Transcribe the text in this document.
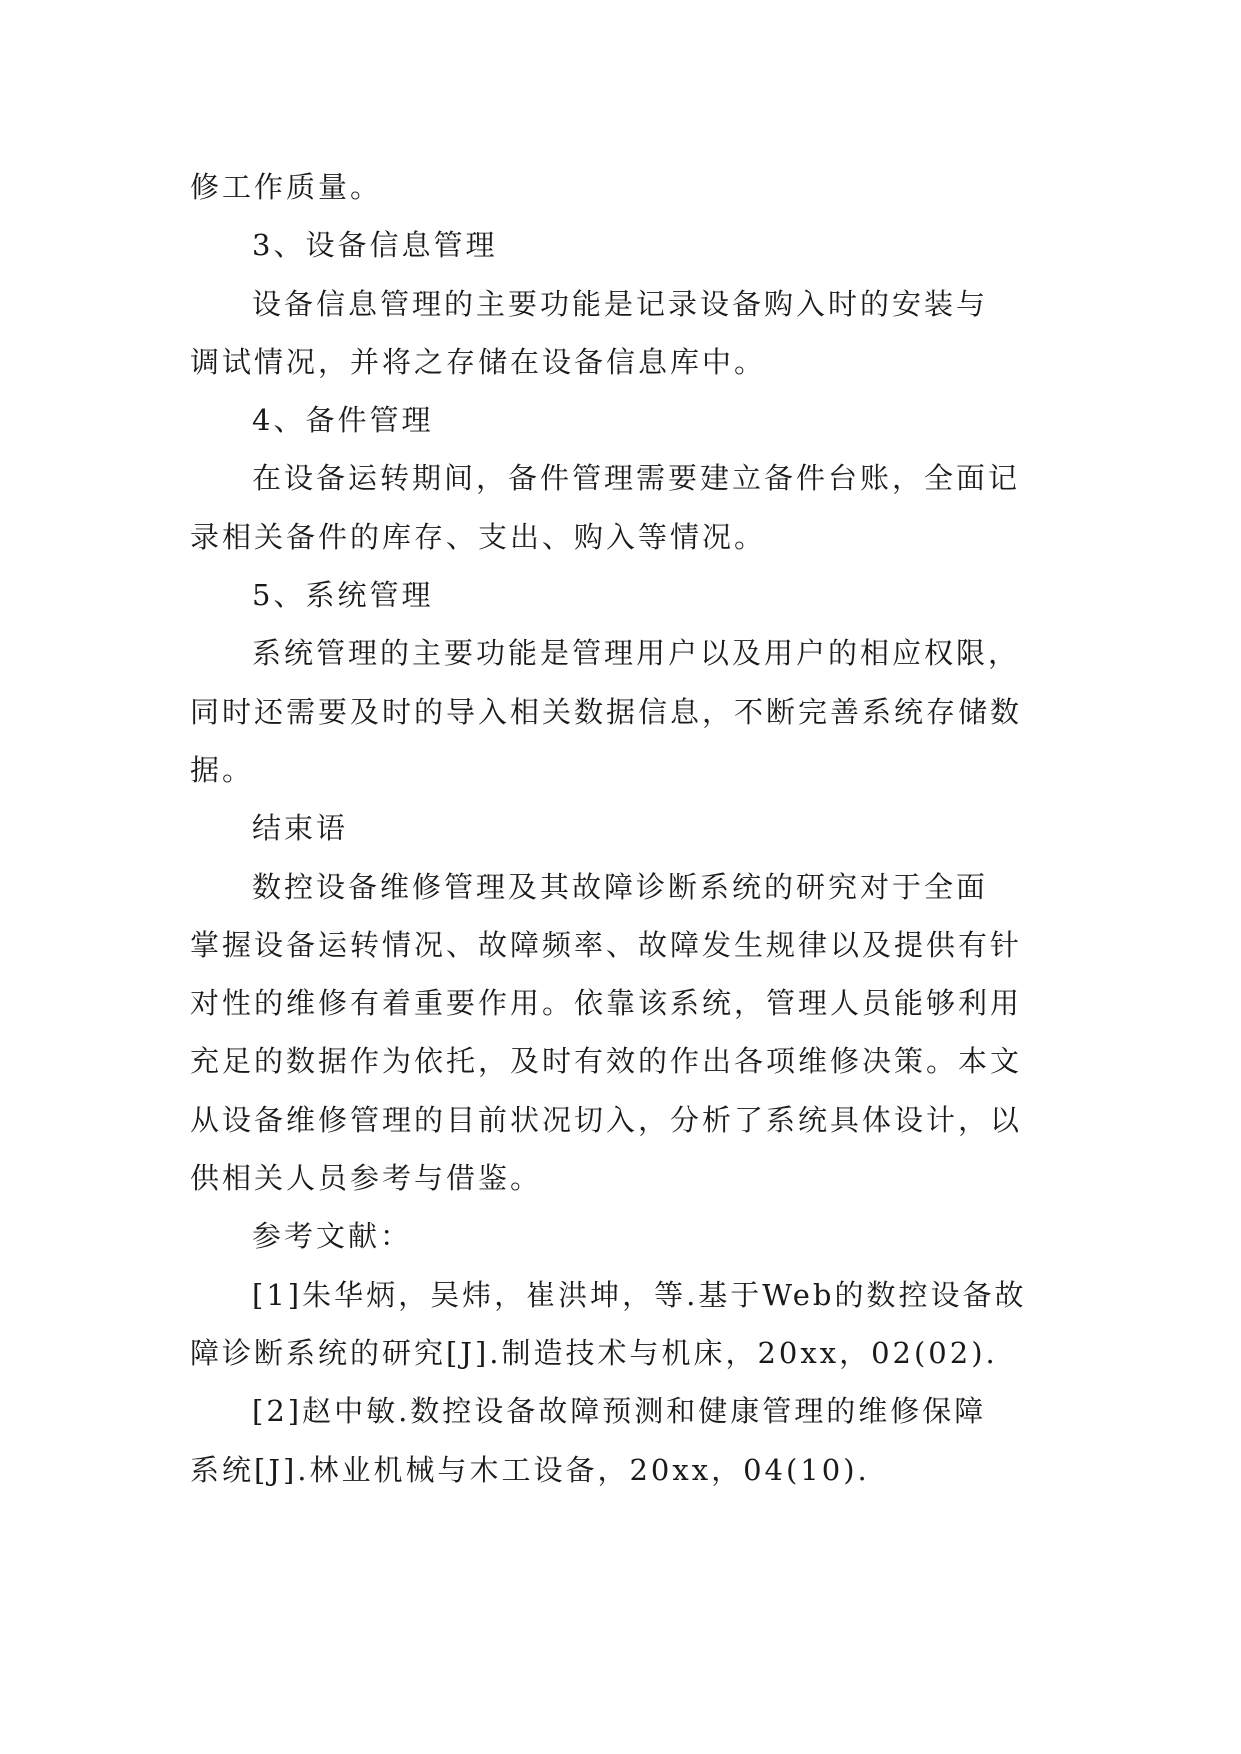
修工作质量。
3、设备信息管理
设备信息管理的主要功能是记录设备购入时的安装与
调试情况，并将之存储在设备信息库中。
4、备件管理
在设备运转期间，备件管理需要建立备件台账，全面记
录相关备件的库存、支出、购入等情况。
5、系统管理
系统管理的主要功能是管理用户以及用户的相应权限，
同时还需要及时的导入相关数据信息，不断完善系统存储数
据。
结束语
数控设备维修管理及其故障诊断系统的研究对于全面
掌握设备运转情况、故障频率、故障发生规律以及提供有针
对性的维修有着重要作用。依靠该系统，管理人员能够利用
充足的数据作为依托，及时有效的作出各项维修决策。本文
从设备维修管理的目前状况切入，分析了系统具体设计，以
供相关人员参考与借鉴。
参考文献：
[1]朱华炳，吴炜，崔洪坤，等.基于Web的数控设备故
障诊断系统的研究[J].制造技术与机床，20xx，02(02).
[2]赵中敏.数控设备故障预测和健康管理的维修保障
系统[J].林业机械与木工设备，20xx，04(10).
